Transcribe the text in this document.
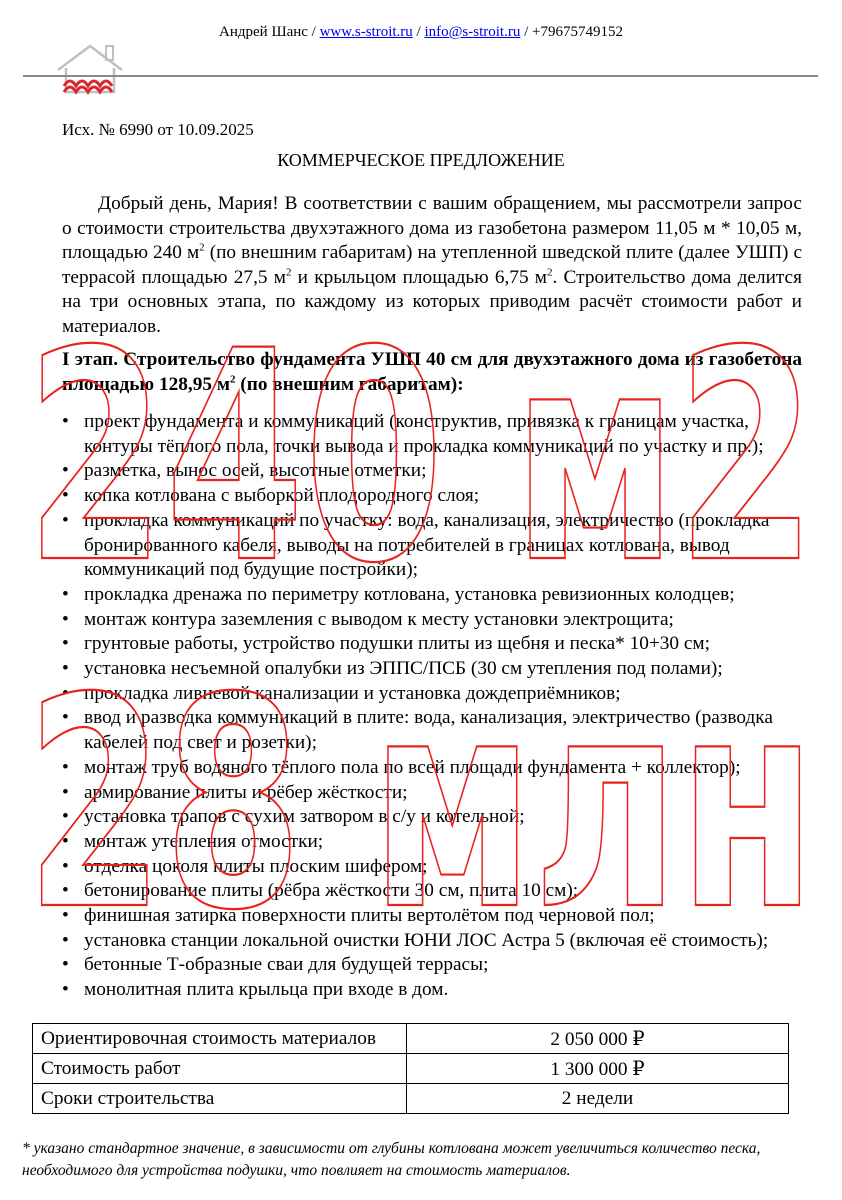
Андрей Шанс / www.s-stroit.ru / info@s-stroit.ru / +79675749152
Исх. № 6990 от 10.09.2025
КОММЕРЧЕСКОЕ ПРЕДЛОЖЕНИЕ

Добрый день, Мария! В соответствии с вашим обращением, мы рассмотрели запрос о стоимости строительства двухэтажного дома из газобетона размером 11,05 м * 10,05 м, площадью 240 $м^2$ (по внешним габаритам) на утепленной шведской плите (далее УШП) с террасой площадью 27,5 $м^2$ и крыльцом площадью 6,75 $м^2$. Строительство дома делится на три основных этапа, по каждому из которых приводим расчёт стоимости работ и материалов.

I этап. Строительство фундамента УШП 40 см для двухэтажного дома из газобетона площадью 128,95 $м^2$ (по внешним габаритам):

• проект фундамента и коммуникаций (конструктив, привязка к границам участка, контуры тёплого пола, точки вывода и прокладка коммуникаций по участку и пр.);
• разметка, вынос осей, высотные отметки;
• копка котлована с выборкой плодородного слоя;
• прокладка коммуникаций по участку: вода, канализация, электричество (прокладка бронированного кабеля, выводы на потребителей в границах котлована, вывод коммуникаций под будущие постройки);
• прокладка дренажа по периметру котлована, установка ревизионных колодцев;
• монтаж контура заземления с выводом к месту установки электрощита;
• грунтовые работы, устройство подушки плиты из щебня и песка* 10+30 см;
• установка несъемной опалубки из ЭППС/ПСБ (30 см утепления под полами);
• прокладка ливневой канализации и установка дождеприёмников;
• ввод и разводка коммуникаций в плите: вода, канализация, электричество (разводка кабелей под свет и розетки);
• монтаж труб водяного тёплого пола по всей площади фундамента + коллектор);
• армирование плиты и рёбер жёсткости;
• установка трапов с сухим затвором в с/у и котельной;
• монтаж утепления отмостки;
• отделка цоколя плиты плоским шифером;
• бетонирование плиты (рёбра жёсткости 30 см, плита 10 см);
• финишная затирка поверхности плиты вертолётом под черновой пол;
• установка станции локальной очистки ЮНИ ЛОС Астра 5 (включая её стоимость);
• бетонные Т-образные сваи для будущей террасы;
• монолитная плита крыльца при входе в дом.
Ориентировочная стоимость материалов	2 050 000 ₽
Стоимость работ	1 300 000 ₽
Сроки строительства	2 недели

* указано стандартное значение, в зависимости от глубины котлована может увеличиться количество песка, необходимого для устройства подушки, что повлияет на стоимость материалов.

240 м2
28 млн
